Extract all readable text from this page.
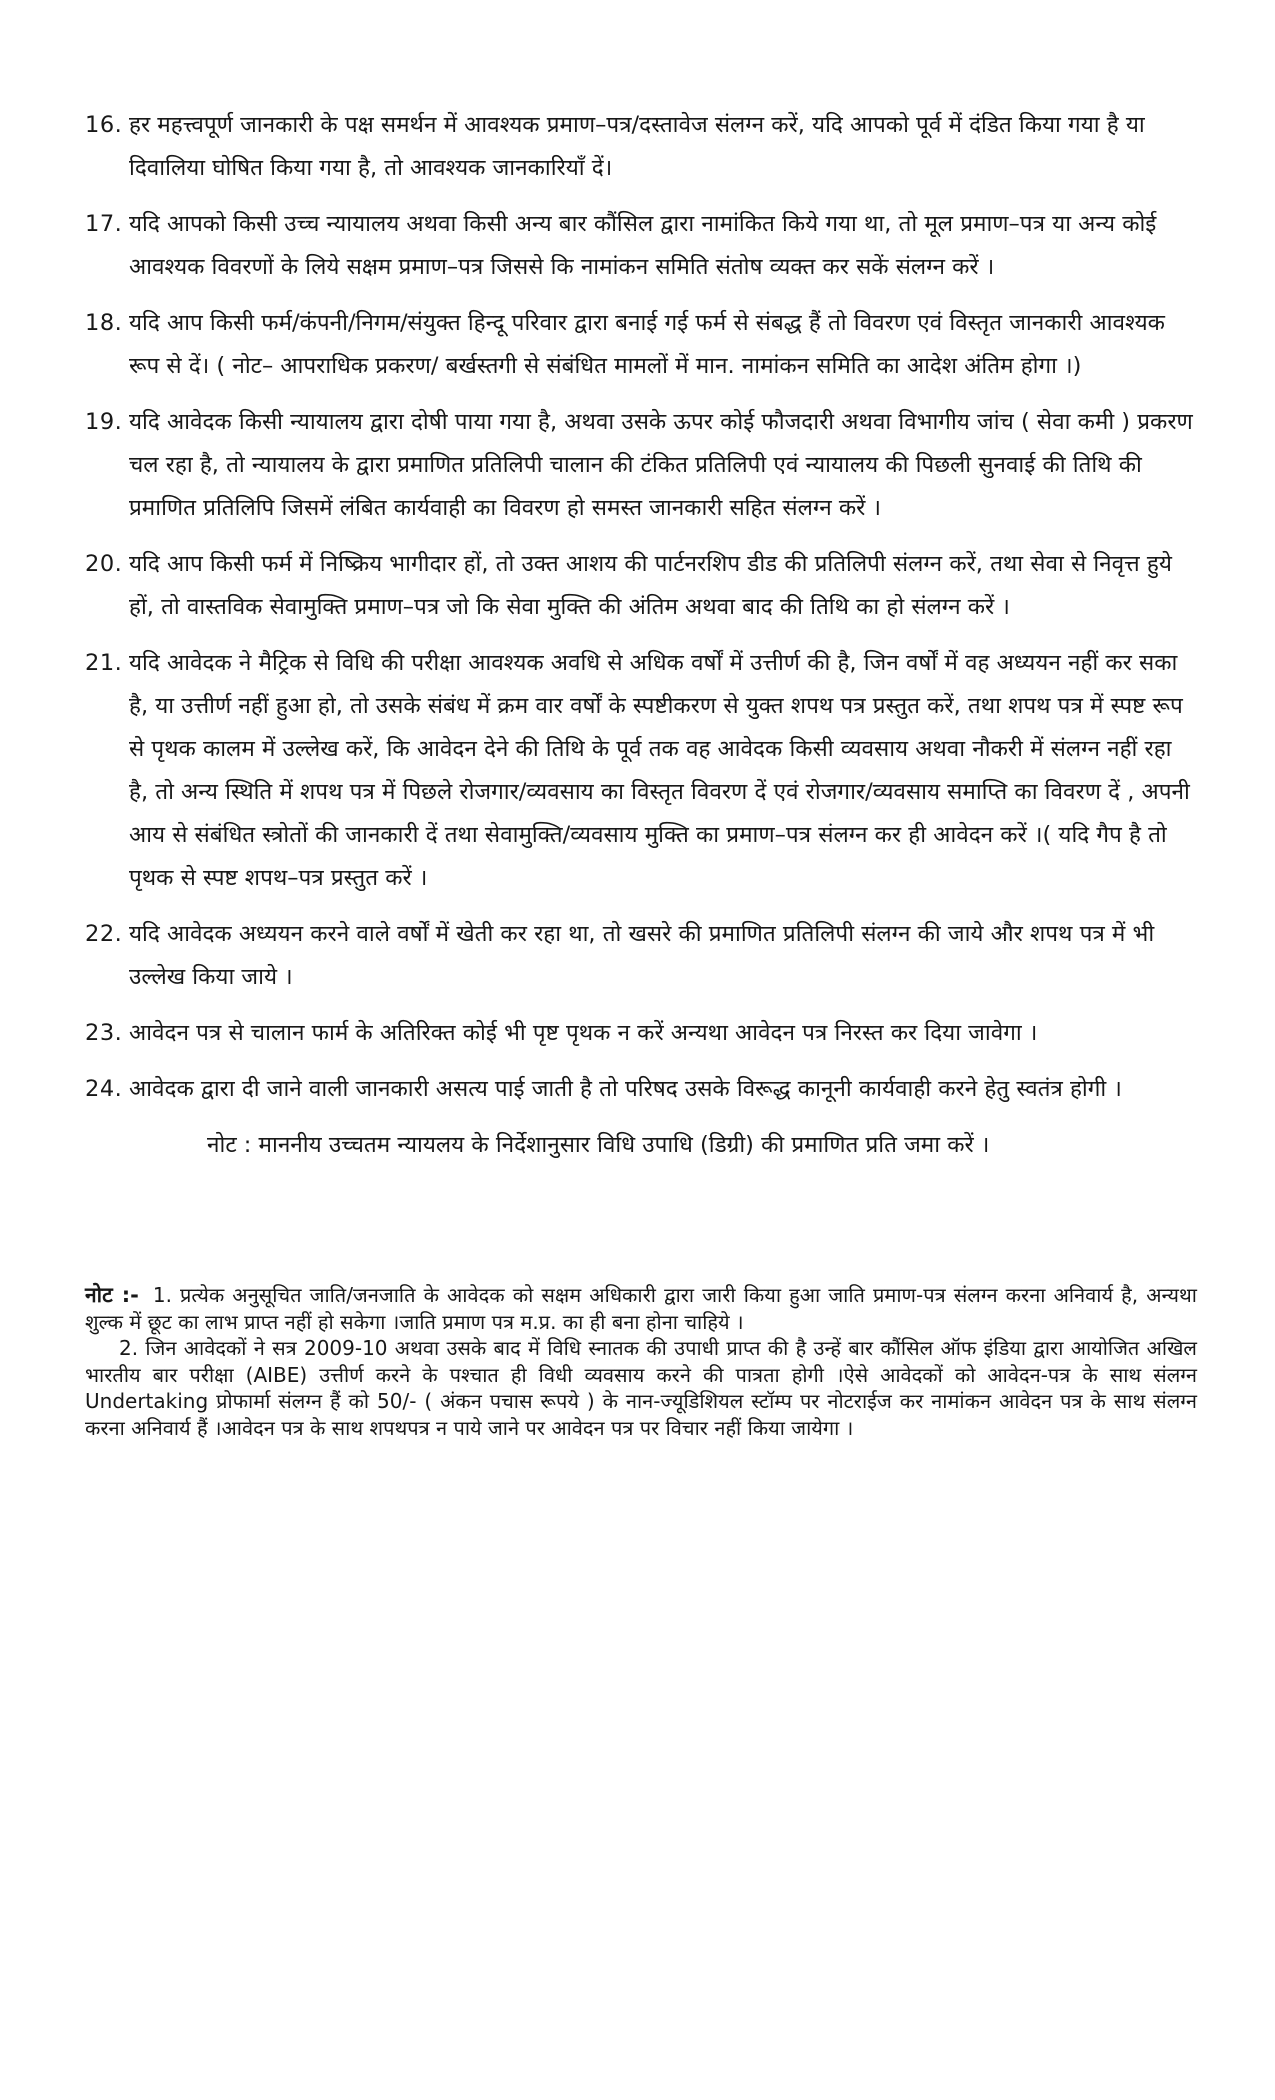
16. हर महत्त्वपूर्ण जानकारी के पक्ष समर्थन में आवश्यक प्रमाण–पत्र/दस्तावेज संलग्न करें, यदि आपको पूर्व में दंडित किया गया है या दिवालिया घोषित किया गया है, तो आवश्यक जानकारियाँ दें।
17. यदि आपको किसी उच्च न्यायालय अथवा किसी अन्य बार कौंसिल द्वारा नामांकित किये गया था, तो मूल प्रमाण–पत्र या अन्य कोई आवश्यक विवरणों के लिये सक्षम प्रमाण–पत्र जिससे कि नामांकन समिति संतोष व्यक्त कर सकें संलग्न करें ।
18. यदि आप किसी फर्म/कंपनी/निगम/संयुक्त हिन्दू परिवार द्वारा बनाई गई फर्म से संबद्ध हैं तो विवरण एवं विस्तृत जानकारी आवश्यक रूप से दें। ( नोट– आपराधिक प्रकरण/ बर्खस्तगी से संबंधित मामलों में मान. नामांकन समिति का आदेश अंतिम होगा ।)
19. यदि आवेदक किसी न्यायालय द्वारा दोषी पाया गया है, अथवा उसके ऊपर कोई फौजदारी अथवा विभागीय जांच ( सेवा कमी ) प्रकरण चल रहा है, तो न्यायालय के द्वारा प्रमाणित प्रतिलिपी चालान की टंकित प्रतिलिपी एवं न्यायालय की पिछली सुनवाई की तिथि की प्रमाणित प्रतिलिपि जिसमें लंबित कार्यवाही का विवरण हो समस्त जानकारी सहित संलग्न करें ।
20. यदि आप किसी फर्म में निष्क्रिय भागीदार हों, तो उक्त आशय की पार्टनरशिप डीड की प्रतिलिपी संलग्न करें, तथा सेवा से निवृत्त हुये हों, तो वास्तविक सेवामुक्ति प्रमाण–पत्र जो कि सेवा मुक्ति की अंतिम अथवा बाद की तिथि का हो संलग्न करें ।
21. यदि आवेदक ने मैट्रिक से विधि की परीक्षा आवश्यक अवधि से अधिक वर्षों में उत्तीर्ण की है, जिन वर्षों में वह अध्ययन नहीं कर सका है, या उत्तीर्ण नहीं हुआ हो, तो उसके संबंध में क्रम वार वर्षों के स्पष्टीकरण से युक्त शपथ पत्र प्रस्तुत करें, तथा शपथ पत्र में स्पष्ट रूप से पृथक कालम में उल्लेख करें, कि आवेदन देने की तिथि के पूर्व तक वह आवेदक किसी व्यवसाय अथवा नौकरी में संलग्न नहीं रहा है, तो अन्य स्थिति में शपथ पत्र में पिछले रोजगार/व्यवसाय का विस्तृत विवरण दें एवं रोजगार/व्यवसाय समाप्ति का विवरण दें , अपनी आय से संबंधित स्त्रोतों की जानकारी दें तथा सेवामुक्ति/व्यवसाय मुक्ति का प्रमाण–पत्र संलग्न कर ही आवेदन करें ।( यदि गैप है तो पृथक से स्पष्ट शपथ–पत्र प्रस्तुत करें ।
22. यदि आवेदक अध्ययन करने वाले वर्षों में खेती कर रहा था, तो खसरे की प्रमाणित प्रतिलिपी संलग्न की जाये और शपथ पत्र में भी उल्लेख किया जाये ।
23. आवेदन पत्र से चालान फार्म के अतिरिक्त कोई भी पृष्ट पृथक न करें अन्यथा आवेदन पत्र निरस्त कर दिया जावेगा ।
24. आवेदक द्वारा दी जाने वाली जानकारी असत्य पाई जाती है तो परिषद उसके विरूद्ध कानूनी कार्यवाही करने हेतु स्वतंत्र होगी ।
नोट : माननीय उच्चतम न्यायलय के निर्देशानुसार विधि उपाधि (डिग्री) की प्रमाणित प्रति जमा करें ।

नोट :- 1. प्रत्येक अनुसूचित जाति/जनजाति के आवेदक को सक्षम अधिकारी द्वारा जारी किया हुआ जाति प्रमाण-पत्र संलग्न करना अनिवार्य है, अन्यथा शुल्क में छूट का लाभ प्राप्त नहीं हो सकेगा ।जाति प्रमाण पत्र म.प्र. का ही बना होना चाहिये ।

2. जिन आवेदकों ने सत्र 2009-10 अथवा उसके बाद में विधि स्नातक की उपाधी प्राप्त की है उन्हें बार कौंसिल ऑफ इंडिया द्वारा आयोजित अखिल भारतीय बार परीक्षा (AIBE) उत्तीर्ण करने के पश्चात ही विधी व्यवसाय करने की पात्रता होगी ।ऐसे आवेदकों को आवेदन-पत्र के साथ संलग्न Undertaking प्रोफार्मा संलग्न हैं को 50/- ( अंकन पचास रूपये ) के नान-ज्यूडिशियल स्टॉम्प पर नोटराईज कर नामांकन आवेदन पत्र के साथ संलग्न करना अनिवार्य हैं ।आवेदन पत्र के साथ शपथपत्र न पाये जाने पर आवेदन पत्र पर विचार नहीं किया जायेगा ।
